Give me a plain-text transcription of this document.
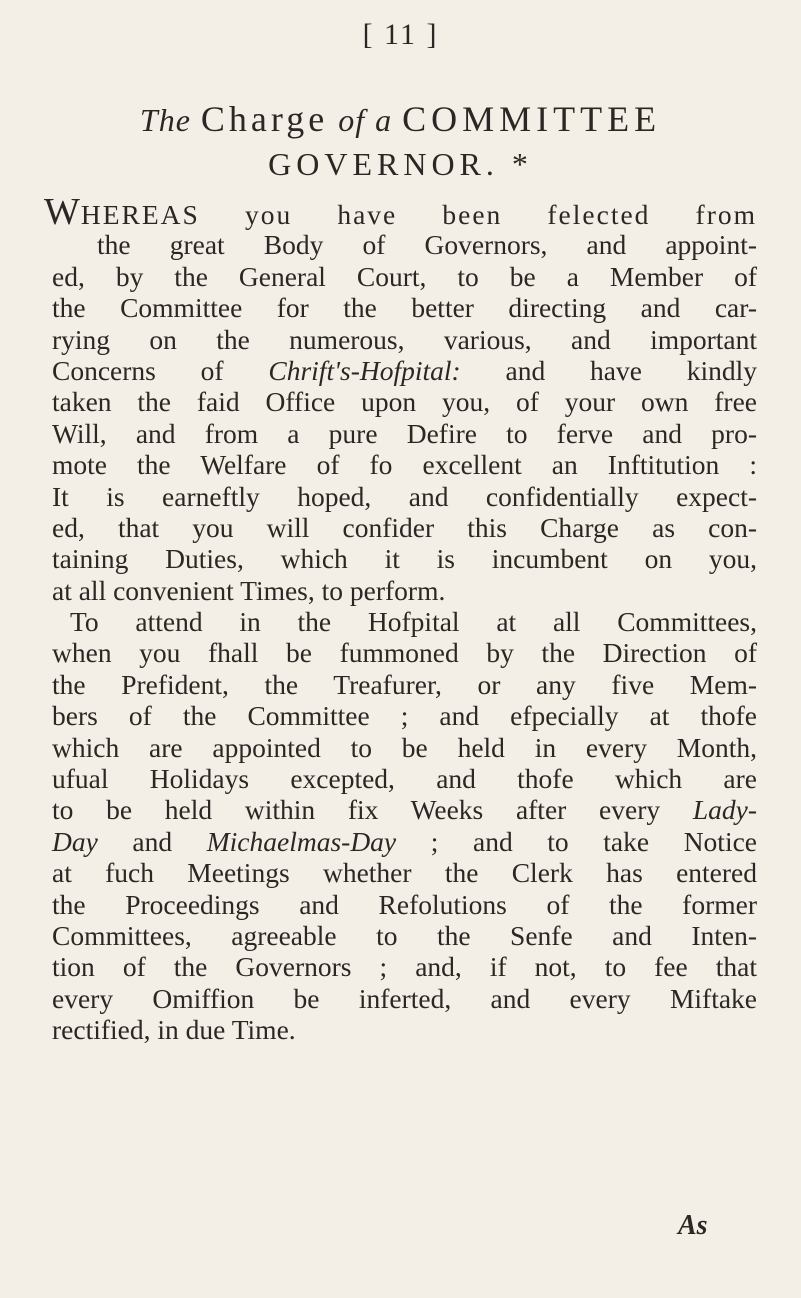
[ 11 ]
The Charge of a COMMITTEE
GOVERNOR. *
WHEREAS you have been felected from
the great Body of Governors, and appoint-
ed, by the General Court, to be a Member of
the Committee for the better directing and car-
rying on the numerous, various, and important
Concerns of Chrift's-Hofpital: and have kindly
taken the faid Office upon you, of your own free
Will, and from a pure Defire to ferve and pro-
mote the Welfare of fo excellent an Inftitution :
It is earneftly hoped, and confidentially expect-
ed, that you will confider this Charge as con-
taining Duties, which it is incumbent on you,
at all convenient Times, to perform.
To attend in the Hofpital at all Committees,
when you fhall be fummoned by the Direction of
the Prefident, the Treafurer, or any five Mem-
bers of the Committee ; and efpecially at thofe
which are appointed to be held in every Month,
ufual Holidays excepted, and thofe which are
to be held within fix Weeks after every Lady-
Day and Michaelmas-Day ; and to take Notice
at fuch Meetings whether the Clerk has entered
the Proceedings and Refolutions of the former
Committees, agreeable to the Senfe and Inten-
tion of the Governors ; and, if not, to fee that
every Omiffion be inferted, and every Miftake
rectified, in due Time.
As
